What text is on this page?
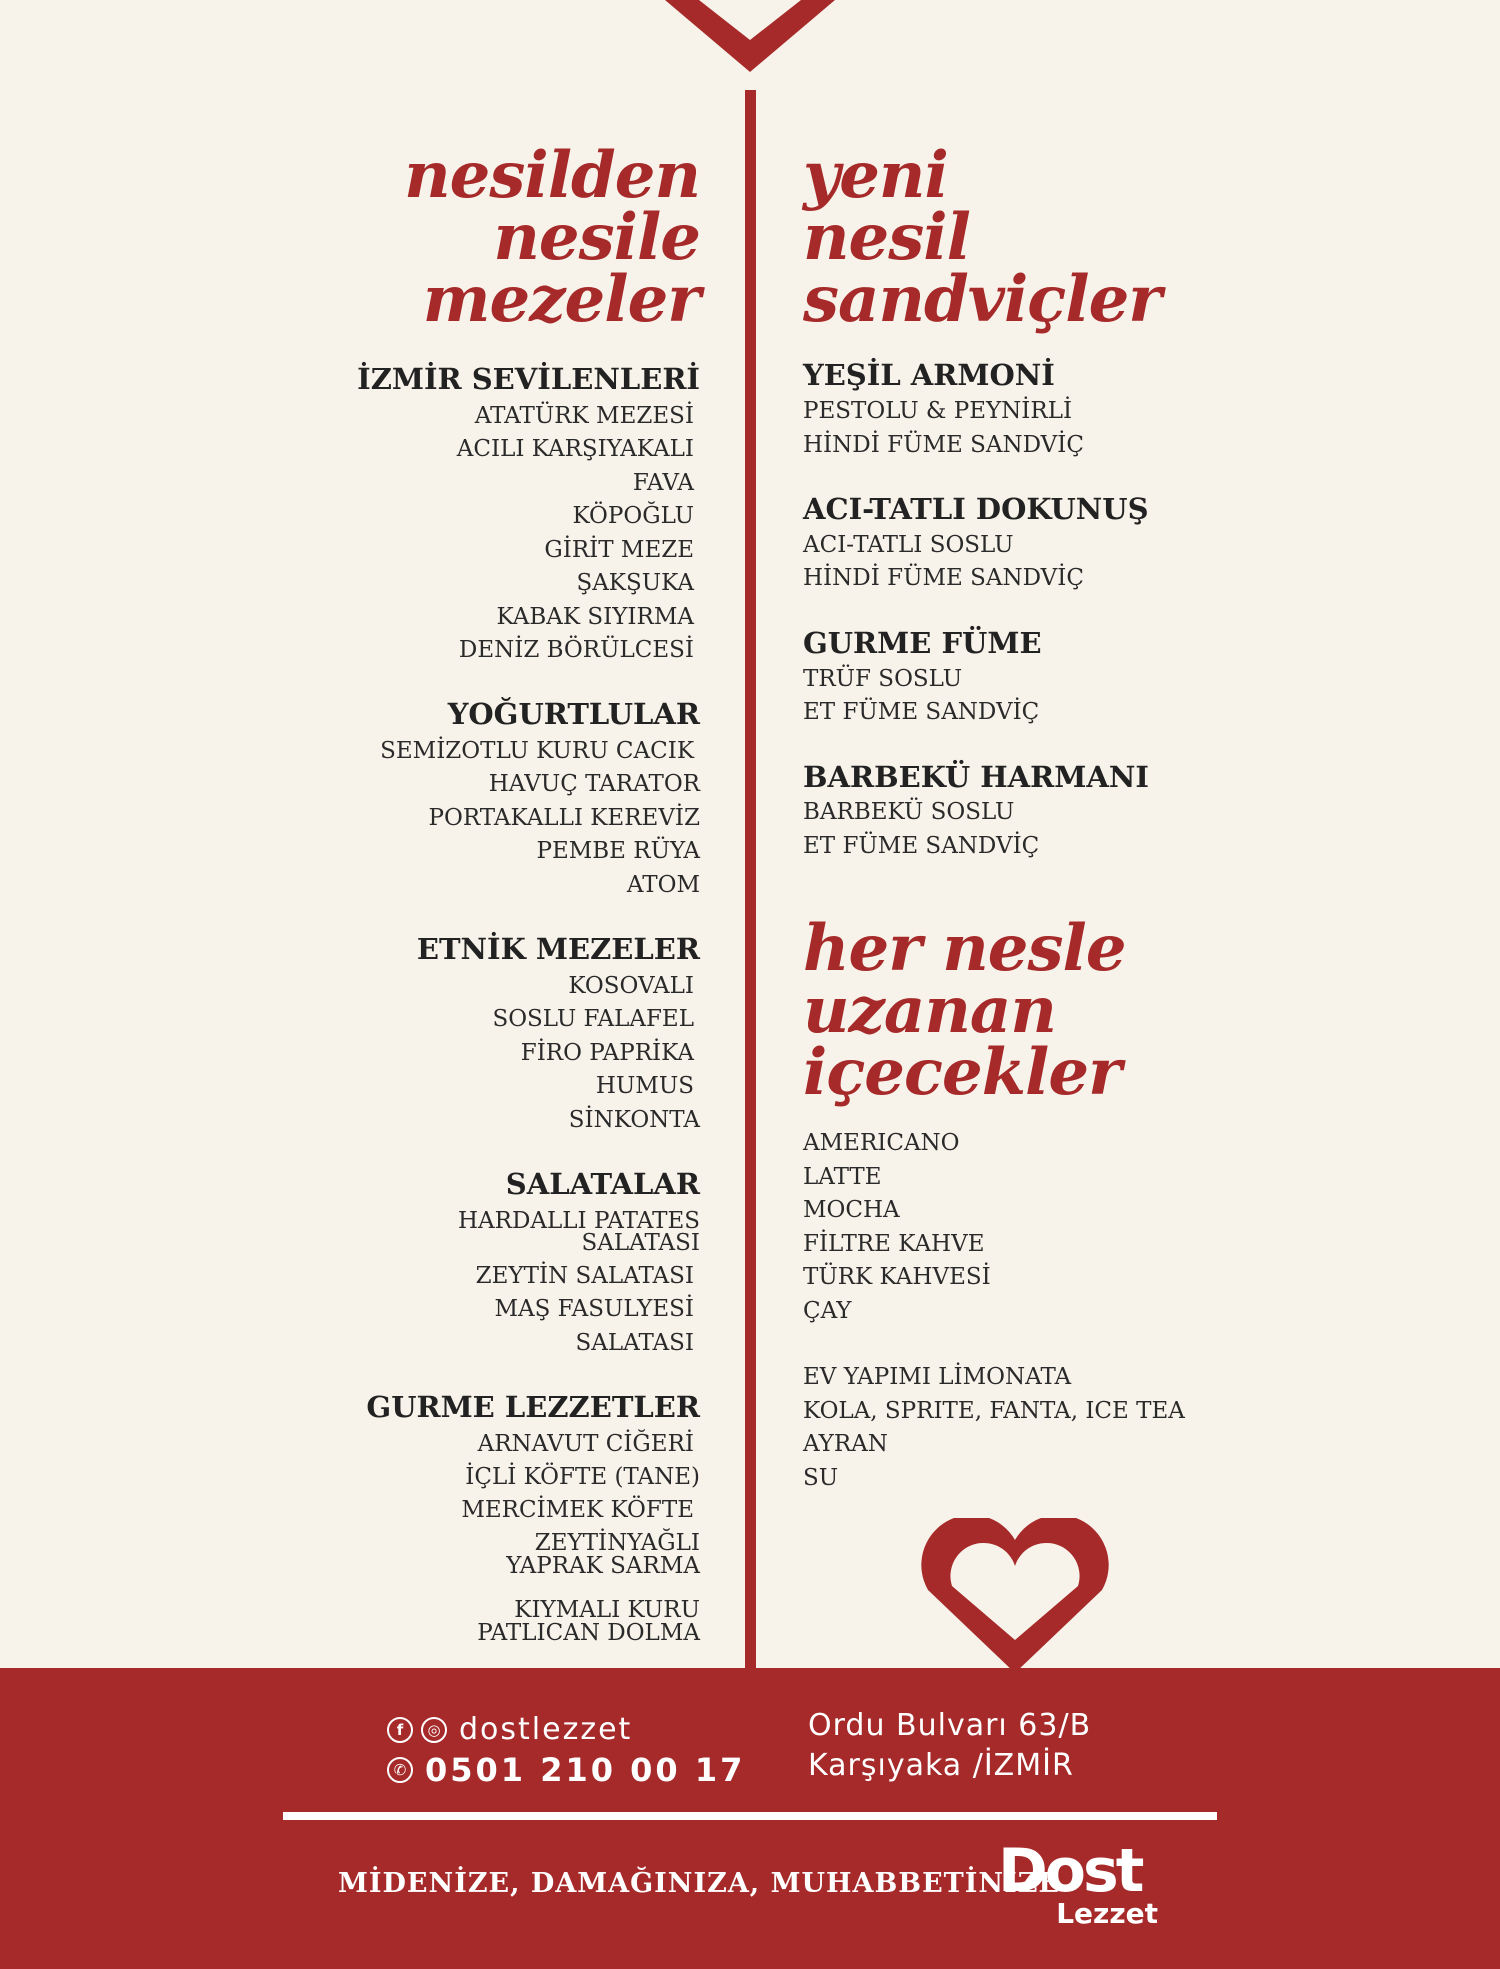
nesilden
nesile
mezeler
İZMİR SEVİLENLERİ
ATATÜRK MEZESİ
ACILI KARŞIYAKALI
FAVA
KÖPOĞLU
GİRİT MEZE
ŞAKŞUKA
KABAK SIYIRMA
DENİZ BÖRÜLCESİ
YOĞURTLULAR
SEMİZOTLU KURU CACIK
HAVUÇ TARATOR
PORTAKALLI KEREVİZ
PEMBE RÜYA
ATOM
ETNİK MEZELER
KOSOVALI
SOSLU FALAFEL
FİRO PAPRİKA
HUMUS
SİNKONTA
SALATALAR
HARDALLI PATATES
SALATASI
ZEYTİN SALATASI
MAŞ FASULYESİ
SALATASI
GURME LEZZETLER
ARNAVUT CİĞERİ
İÇLİ KÖFTE (TANE)
MERCİMEK KÖFTE
ZEYTİNYAĞLI
YAPRAK SARMA
KIYMALI KURU
PATLICAN DOLMA
yeni
nesil
sandviçler
YEŞİL ARMONİ
PESTOLU & PEYNİRLİ
HİNDİ FÜME SANDVİÇ
ACI-TATLI DOKUNUŞ
ACI-TATLI SOSLU
HİNDİ FÜME SANDVİÇ
GURME FÜME
TRÜF SOSLU
ET FÜME SANDVİÇ
BARBEKÜ HARMANI
BARBEKÜ SOSLU
ET FÜME SANDVİÇ
her nesle
uzanan
içecekler
AMERICANO
LATTE
MOCHA
FİLTRE KAHVE
TÜRK KAHVESİ
ÇAY
EV YAPIMI LİMONATA
KOLA, SPRITE, FANTA, ICE TEA
AYRAN
SU
f	◎ dostlezzet
✆ 0501 210 00 17
Ordu Bulvarı 63/B
Karşıyaka /İZMİR
MİDENİZE, DAMAĞINIZA, MUHABBETİNİZE
Dost
Lezzet
